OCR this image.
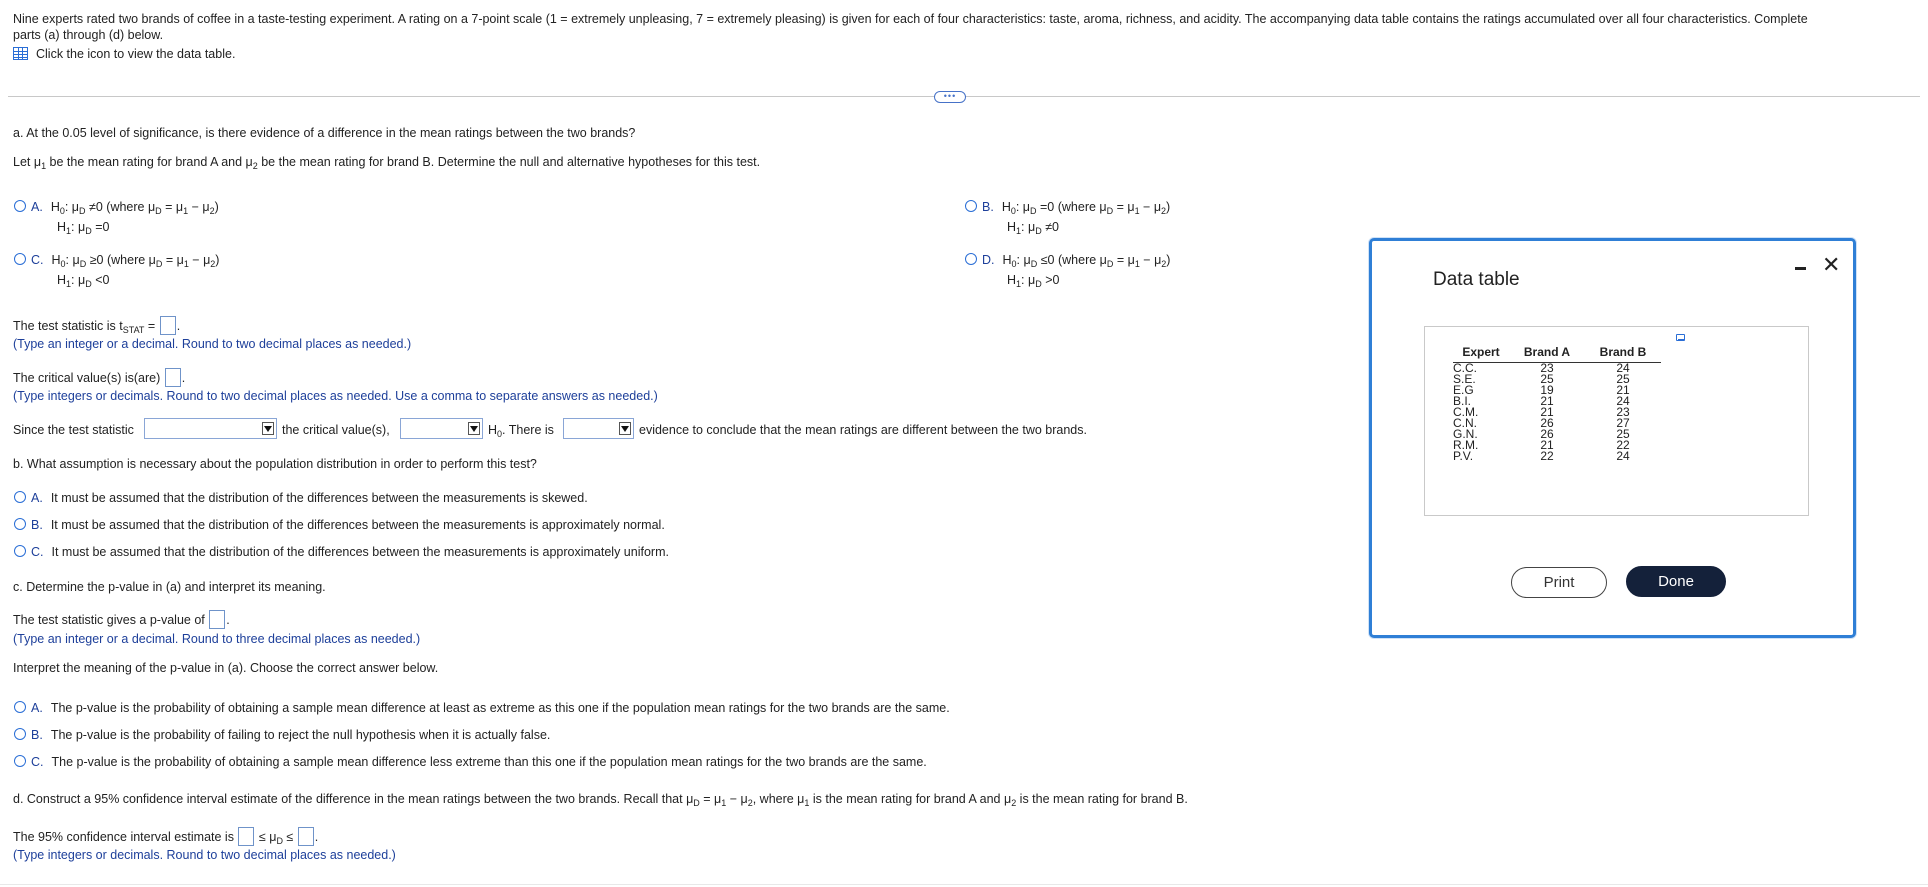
Nine experts rated two brands of coffee in a taste-testing experiment. A rating on a 7-point scale (1 = extremely unpleasing, 7 = extremely pleasing) is given for each of four characteristics: taste, aroma, richness, and acidity. The accompanying data table contains the ratings accumulated over all four characteristics. Complete
parts (a) through (d) below.
Click the icon to view the data table.
•••
a. At the 0.05 level of significance, is there evidence of a difference in the mean ratings between the two brands?
Let $\mu_1$ be the mean rating for brand A and $\mu_2$ be the mean rating for brand B. Determine the null and alternative hypotheses for this test.
A. $H_0$: $\mu_D \ne 0$ (where $\mu_D = \mu_1 - \mu_2$)
$H_1$: $\mu_D =0$
B. $H_0$: $\mu_D =0$ (where $\mu_D = \mu_1 - \mu_2$)
$H_1$: $\mu_D \ne 0$
C. $H_0$: $\mu_D \ge 0$ (where $\mu_D = \mu_1 - \mu_2$)
$H_1$: $\mu_D <0$
D. $H_0$: $\mu_D \le 0$ (where $\mu_D = \mu_1 - \mu_2$)
$H_1$: $\mu_D >0$
The test statistic is $t_{STAT}$ = .
(Type an integer or a decimal. Round to two decimal places as needed.)
The critical value(s) is(are) .
(Type integers or decimals. Round to two decimal places as needed. Use a comma to separate answers as needed.)
Since the test statistic	the critical value(s),	$H_0$. There is	evidence to conclude that the mean ratings are different between the two brands.
b. What assumption is necessary about the population distribution in order to perform this test?
A. It must be assumed that the distribution of the differences between the measurements is skewed.
B. It must be assumed that the distribution of the differences between the measurements is approximately normal.
C. It must be assumed that the distribution of the differences between the measurements is approximately uniform.
c. Determine the p-value in (a) and interpret its meaning.
The test statistic gives a p-value of .
(Type an integer or a decimal. Round to three decimal places as needed.)
Interpret the meaning of the p-value in (a). Choose the correct answer below.
A. The p-value is the probability of obtaining a sample mean difference at least as extreme as this one if the population mean ratings for the two brands are the same.
B. The p-value is the probability of failing to reject the null hypothesis when it is actually false.
C. The p-value is the probability of obtaining a sample mean difference less extreme than this one if the population mean ratings for the two brands are the same.
d. Construct a 95% confidence interval estimate of the difference in the mean ratings between the two brands. Recall that $\mu_D = \mu_1 - \mu_2$, where $\mu_1$ is the mean rating for brand A and $\mu_2$ is the mean rating for brand B.
The 95% confidence interval estimate is  ≤ $\mu_D$ ≤ .
(Type integers or decimals. Round to two decimal places as needed.)
Data table
✕
Expert	Brand A	Brand B
C.C.	23	24
S.E.	25	25
E.G	19	21
B.I.	21	24
C.M.	21	23
C.N.	26	27
G.N.	26	25
R.M.	21	22
P.V.	22	24
Print	Done
